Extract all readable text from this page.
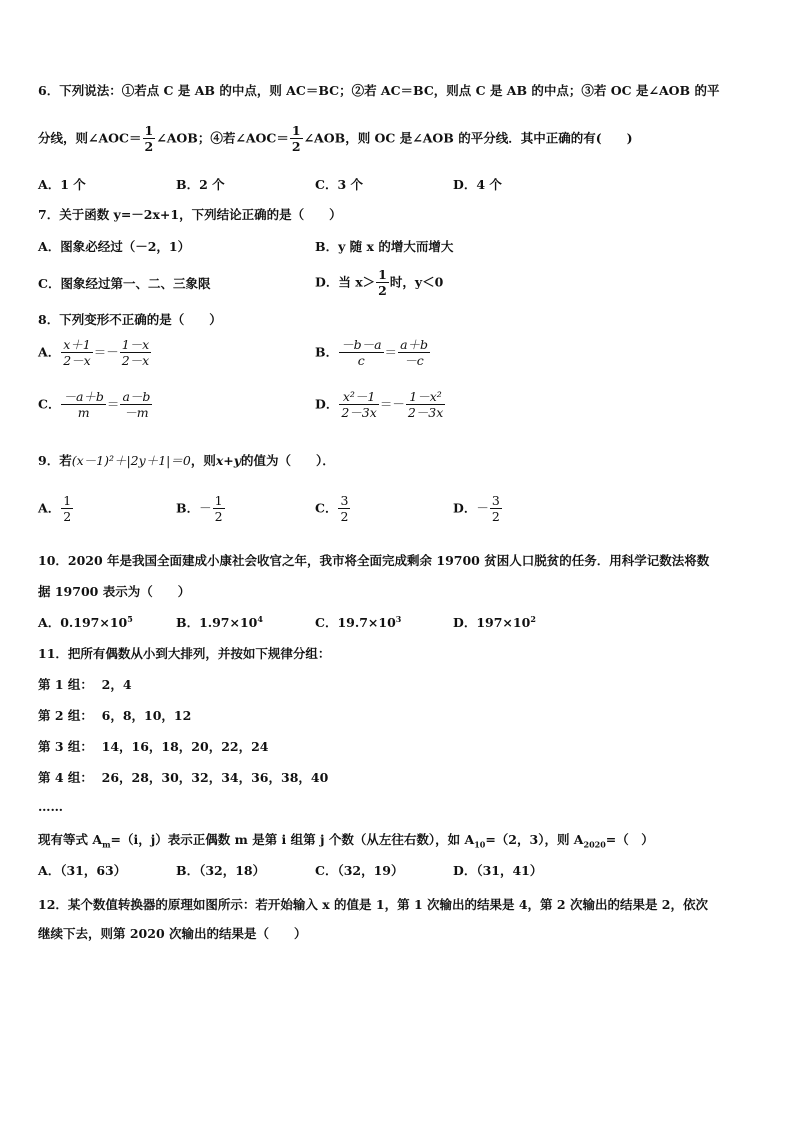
6．下列说法：①若点 C 是 AB 的中点，则 AC＝BC；②若 AC＝BC，则点 C 是 AB 的中点；③若 OC 是∠AOB 的平
分线，则∠AOC＝ $\frac{1}{2}$ ∠AOB；④若∠AOC＝ $\frac{1}{2}$ ∠AOB，则 OC 是∠AOB 的平分线．其中正确的有(　　)
A．1 个	B．2 个	C．3 个	D．4 个
7．关于函数 y=－2x+1，下列结论正确的是（　　）
A．图象必经过（－2，1）	B．y 随 x 的增大而增大
C．图象经过第一、二、三象限	D．当 $x> \frac{1}{2}$ 时，y＜0
8．下列变形不正确的是（　　）
A． $\frac{x+1}{2-x} =- \frac{1-x}{2-x}$	B． $\frac{-b-a}{c} = \frac{a+b}{-c}$
C． $\frac{-a+b}{m} = \frac{a-b}{-m}$	D． $\frac{\text{x²－1}}{2-3x} =- \frac{\text{1－x²}}{2-3x}$
9．若(x－1)²＋|2y＋1|＝0，则x+y的值为（　　）．
A． $\frac{1}{2}$	B．－ $\frac{1}{2}$	C． $\frac{3}{2}$	D．－ $\frac{3}{2}$
10．2020 年是我国全面建成小康社会收官之年，我市将全面完成剩余 19700 贫困人口脱贫的任务．用科学记数法将数
据 19700 表示为（　　）
A．$0.197\times 10^5$	B．$1.97\times 10^4$	C．$19.7\times 10^3$	D．$197\times 10^2$
11．把所有偶数从小到大排列，并按如下规律分组：
第 1 组： 2，4
第 2 组： 6，8，10，12
第 3 组： 14，16，18，20，22，24
第 4 组： 26，28，30，32，34，36，38，40
……
现有等式 $A_m=(i$，j）表示正偶数 m 是第 i 组第 j 个数（从左往右数），如 $A_{10}=(2$，3），则 $A_{2020}=$（　）
A．（31，63）	B．（32，18）	C．（32，19）	D．（31，41）
12．某个数值转换器的原理如图所示：若开始输入 x 的值是 1，第 1 次输出的结果是 4，第 2 次输出的结果是 2，依次
继续下去，则第 2020 次输出的结果是（　　）
